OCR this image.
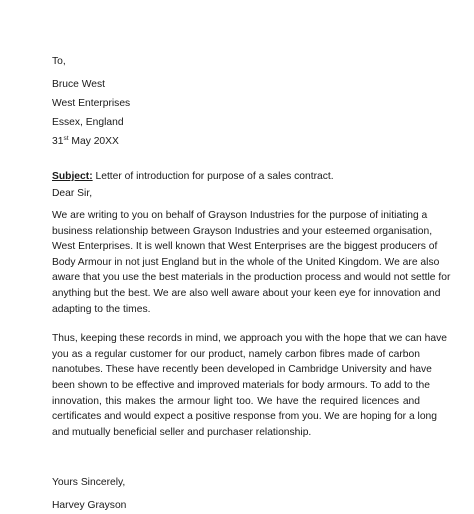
To,
Bruce West
West Enterprises
Essex, England
31st May 20XX
Subject: Letter of introduction for purpose of a sales contract.
Dear Sir,
We are writing to you on behalf of Grayson Industries for the purpose of initiating a
business relationship between Grayson Industries and your esteemed organisation,
West Enterprises. It is well known that West Enterprises are the biggest producers of
Body Armour in not just England but in the whole of the United Kingdom. We are also
aware that you use the best materials in the production process and would not settle for
anything but the best. We are also well aware about your keen eye for innovation and
adapting to the times.
Thus, keeping these records in mind, we approach you with the hope that we can have
you as a regular customer for our product, namely carbon fibres made of carbon
nanotubes. These have recently been developed in Cambridge University and have
been shown to be effective and improved materials for body armours. To add to the
innovation, this makes the armour light too. We have the required licences and
certificates and would expect a positive response from you. We are hoping for a long
and mutually beneficial seller and purchaser relationship.
Yours Sincerely,
Harvey Grayson
